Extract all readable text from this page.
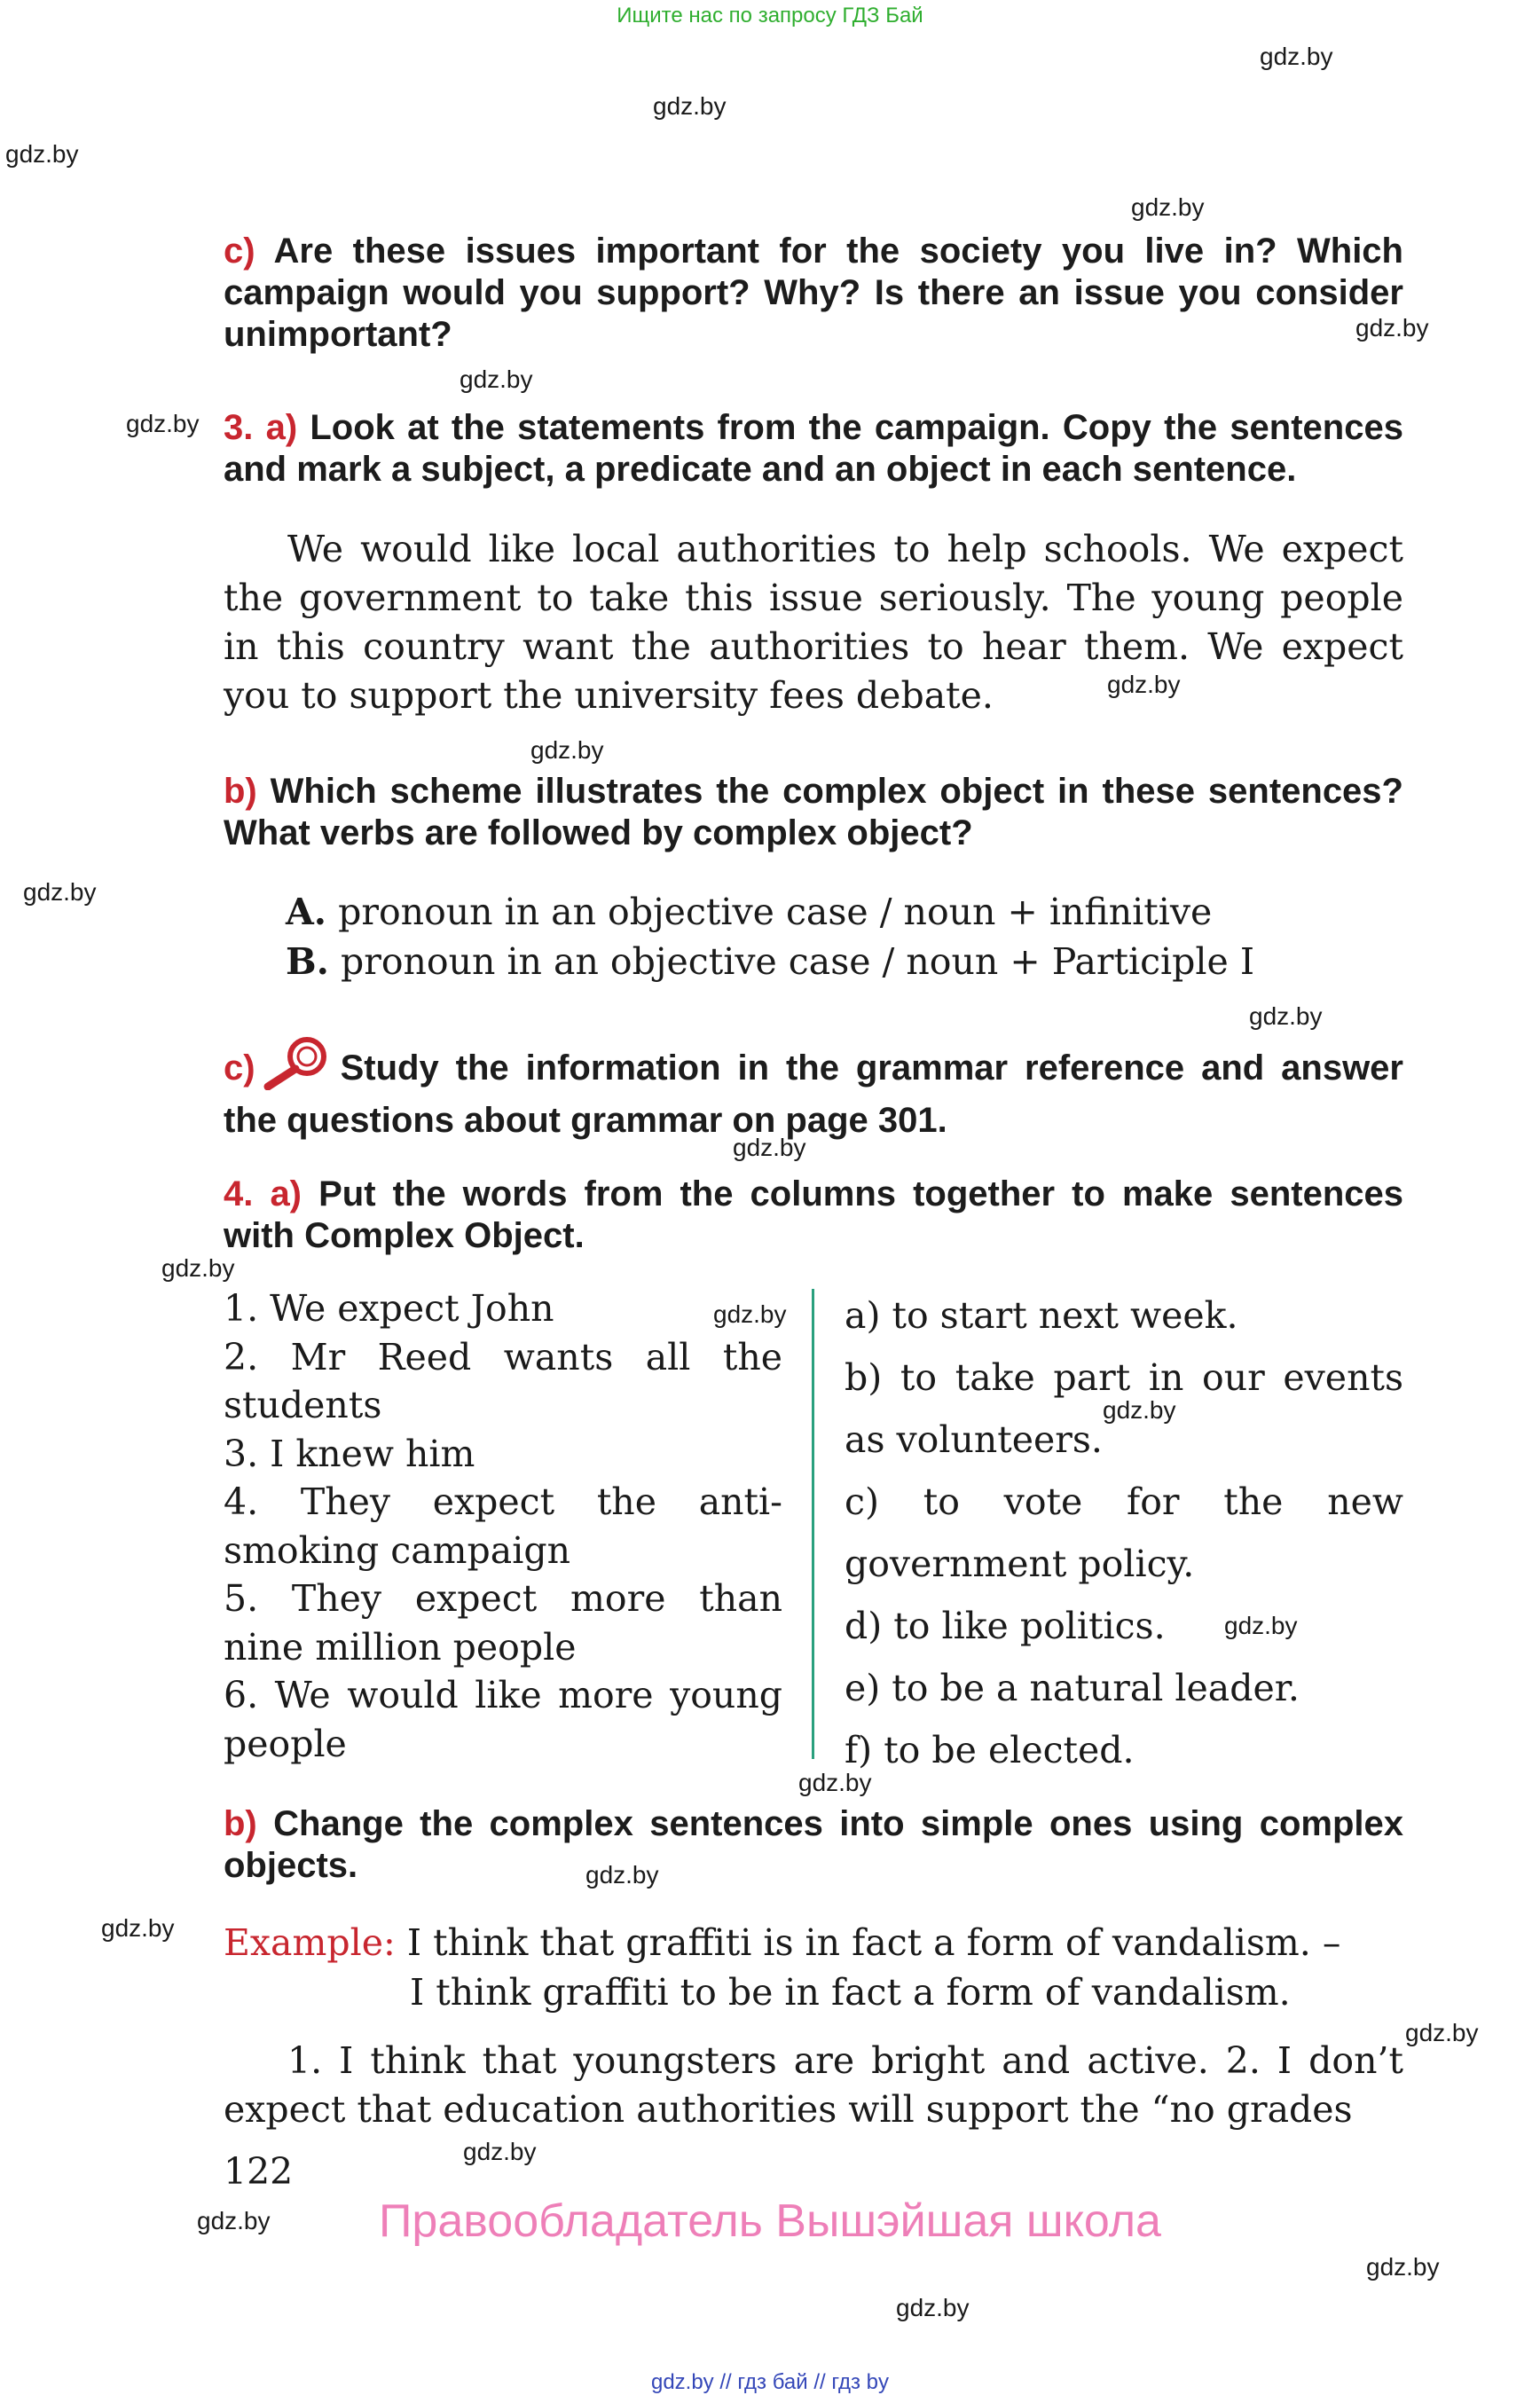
Ищите нас по запросу ГДЗ Бай
gdz.by
gdz.by
gdz.by
gdz.by
gdz.by
gdz.by
gdz.by
gdz.by
gdz.by
gdz.by
gdz.by
gdz.by
gdz.by
gdz.by
gdz.by
gdz.by
gdz.by
gdz.by
gdz.by
gdz.by
gdz.by
gdz.by
gdz.by
gdz.by
c) Are these issues important for the society you live in? Which campaign would you support? Why? Is there an issue you consider unimportant?
3. a) Look at the statements from the campaign. Copy the sentences and mark a subject, a predicate and an object in each sentence.
We would like local authorities to help schools. We expect the government to take this issue seriously. The young people in this country want the authorities to hear them. We expect you to support the university fees debate.
b) Which scheme illustrates the complex object in these sentences? What verbs are followed by complex object?
A. pronoun in an objective case / noun + infinitive
B. pronoun in an objective case / noun + Participle I
c) Study the information in the grammar reference and answer the questions about grammar on page 301.
4. a) Put the words from the columns together to make sentences with Complex Object.
1. We expect John
2. Mr Reed wants all the students
3. I knew him
4. They expect the anti-smoking campaign
5. They expect more than nine million people
6. We would like more young people
a) to start next week.
b) to take part in our events as volunteers.
c) to vote for the new government policy.
d) to like politics.
e) to be a natural leader.
f) to be elected.
b) Change the complex sentences into simple ones using complex objects.
Example: I think that graffiti is in fact a form of vandalism. –
I think graffiti to be in fact a form of vandalism.
1. I think that youngsters are bright and active. 2. I don’t expect that education authorities will support the “no grades
122
Правообладатель Вышэйшая школа
gdz.by // гдз бай // гдз by
